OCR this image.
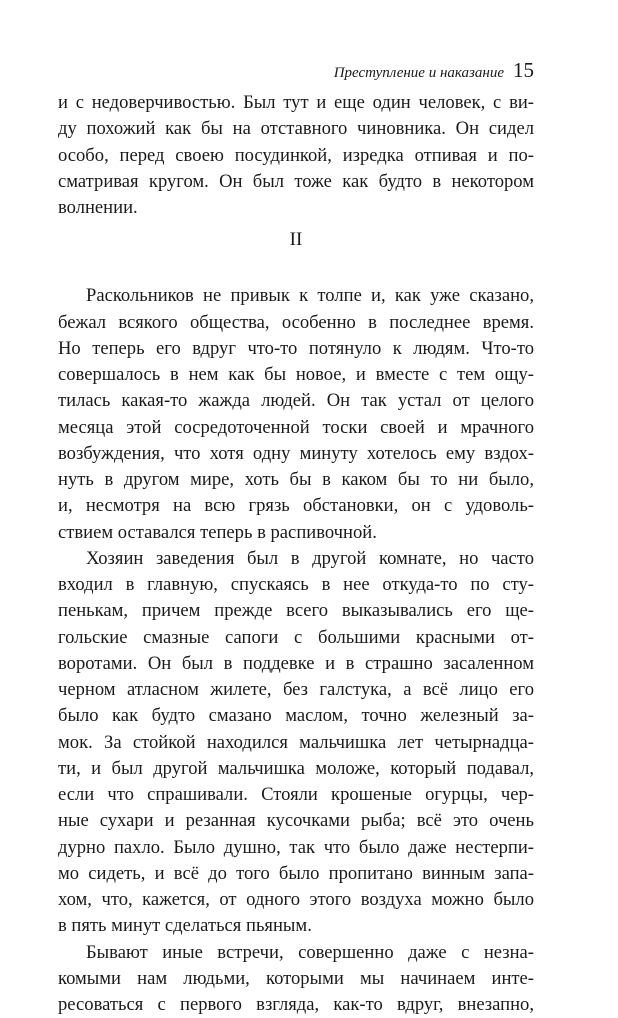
Преступление и наказание 15
и с недоверчивостью. Был тут и еще один человек, с ви-
ду похожий как бы на отставного чиновника. Он сидел
особо, перед своею посудинкой, изредка отпивая и по-
сматривая кругом. Он был тоже как будто в некотором
волнении.
II
Раскольников не привык к толпе и, как уже сказано,
бежал всякого общества, особенно в последнее время.
Но теперь его вдруг что-то потянуло к людям. Что-то
совершалось в нем как бы новое, и вместе с тем ощу-
тилась какая-то жажда людей. Он так устал от целого
месяца этой сосредоточенной тоски своей и мрачного
возбуждения, что хотя одну минуту хотелось ему вздох-
нуть в другом мире, хоть бы в каком бы то ни было,
и, несмотря на всю грязь обстановки, он с удоволь-
ствием оставался теперь в распивочной.
Хозяин заведения был в другой комнате, но часто
входил в главную, спускаясь в нее откуда-то по сту-
пенькам, причем прежде всего выказывались его ще-
гольские смазные сапоги с большими красными от-
воротами. Он был в поддевке и в страшно засаленном
черном атласном жилете, без галстука, а всё лицо его
было как будто смазано маслом, точно железный за-
мок. За стойкой находился мальчишка лет четырнадца-
ти, и был другой мальчишка моложе, который подавал,
если что спрашивали. Стояли крошеные огурцы, чер-
ные сухари и резанная кусочками рыба; всё это очень
дурно пахло. Было душно, так что было даже нестерпи-
мо сидеть, и всё до того было пропитано винным запа-
хом, что, кажется, от одного этого воздуха можно было
в пять минут сделаться пьяным.
Бывают иные встречи, совершенно даже с незна-
комыми нам людьми, которыми мы начинаем инте-
ресоваться с первого взгляда, как-то вдруг, внезапно,
